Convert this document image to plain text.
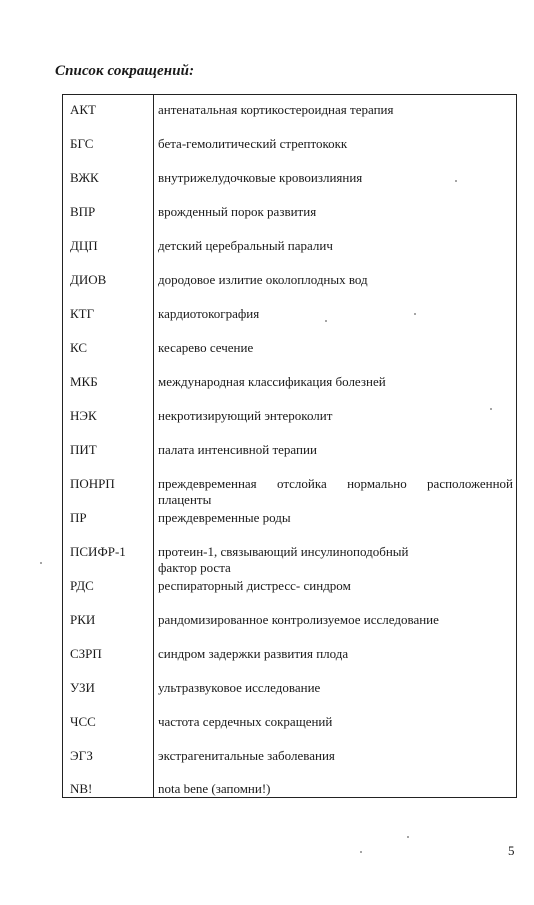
Список сокращений:
АКТ	антенатальная кортикостероидная терапия
БГС	бета-гемолитический стрептококк
ВЖК	внутрижелудочковые кровоизлияния
ВПР	врожденный порок развития
ДЦП	детский церебральный паралич
ДИОВ	дородовое излитие околоплодных вод
КТГ	кардиотокография
КС	кесарево сечение
МКБ	международная классификация болезней
НЭК	некротизирующий энтероколит
ПИТ	палата интенсивной терапии
ПОНРП	преждевременная отслойка нормально расположенной плаценты
ПР	преждевременные роды
ПСИФР-1 протеин-1, связывающий инсулиноподобный
фактор роста
РДС	респираторный дистресс- синдром
РКИ	рандомизированное контролизуемое исследование
СЗРП	синдром задержки развития плода
УЗИ	ультразвуковое исследование
ЧСС	частота сердечных сокращений
ЭГЗ	экстрагенитальные заболевания
NB!	nota bene (запомни!)
5
